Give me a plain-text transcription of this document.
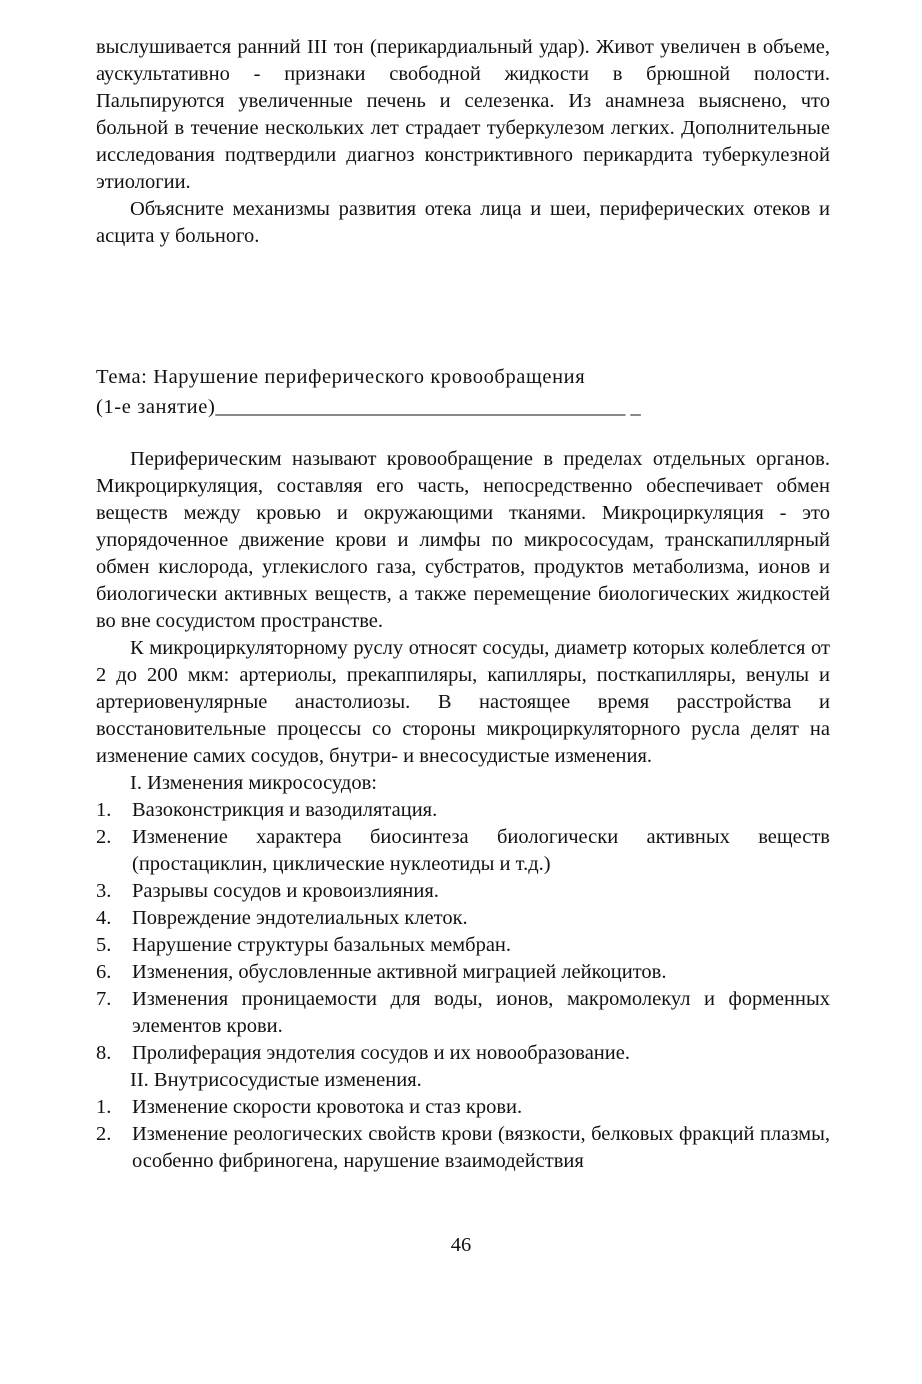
выслушивается ранний III тон (перикардиальный удар). Живот увеличен в объеме, аускультативно - признаки свободной жидкости в брюшной полости. Пальпируются увеличенные печень и селезенка. Из анамнеза выяснено, что больной в течение нескольких лет страдает туберкулезом легких. Дополнительные исследования подтвердили диагноз констриктивного перикардита туберкулезной этиологии.

Объясните механизмы развития отека лица и шеи, периферических отеков и асцита у больного.

Тема: Нарушение периферического кровообращения
(1-е занятие)________________________________________ _

Периферическим называют кровообращение в пределах отдельных органов. Микроциркуляция, составляя его часть, непосредственно обеспечивает обмен веществ между кровью и окружающими тканями. Микроциркуляция - это упорядоченное движение крови и лимфы по микрососудам, транскапиллярный обмен кислорода, углекислого газа, субстратов, продуктов метаболизма, ионов и биологически активных веществ, а также перемещение биологических жидкостей во вне сосудистом пространстве.

К микроциркуляторному руслу относят сосуды, диаметр которых колеблется от 2 до 200 мкм: артериолы, прекаппиляры, капилляры, посткапилляры, венулы и артериовенулярные анастолиозы. В настоящее время расстройства и восстановительные процессы со стороны микроциркуляторного русла делят на изменение самих сосудов, бнутри- и внесосудистые изменения.

I. Изменения микрососудов:
1.	Вазоконстрикция и вазодилятация.
2.	Изменение характера биосинтеза биологически активных веществ (простациклин, циклические нуклеотиды и т.д.)
3.	Разрывы сосудов и кровоизлияния.
4.	Повреждение эндотелиальных клеток.
5.	Нарушение структуры базальных мембран.
6.	Изменения, обусловленные активной миграцией лейкоцитов.
7.	Изменения проницаемости для воды, ионов, макромолекул и форменных элементов крови.
8.	Пролиферация эндотелия сосудов и их новообразование.
II. Внутрисосудистые изменения.
1.	Изменение скорости кровотока и стаз крови.
2.	Изменение реологических свойств крови (вязкости, белковых фракций плазмы, особенно фибриногена, нарушение взаимодействия
46
